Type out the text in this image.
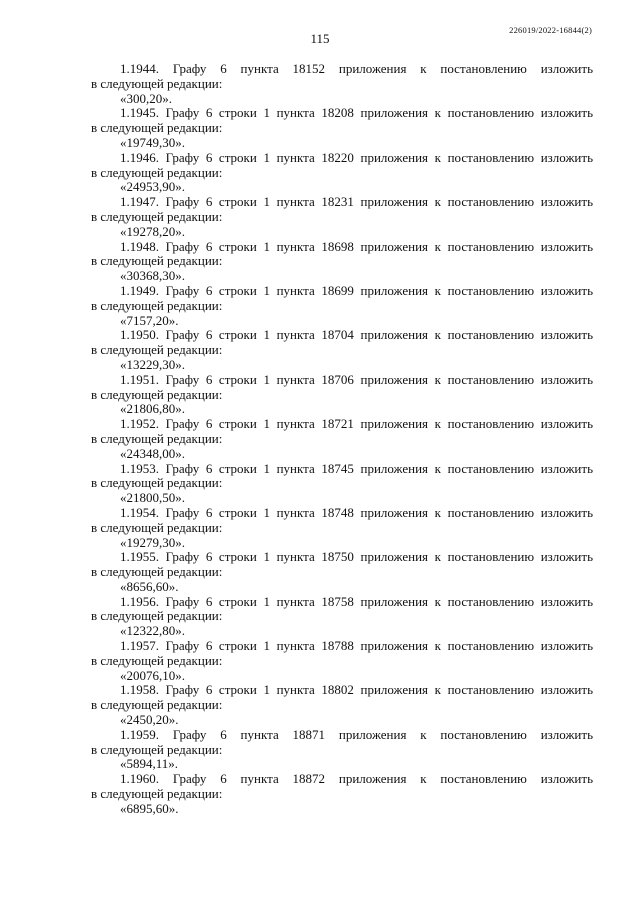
226019/2022-16844(2)
115
1.1944. Графу 6 пункта 18152 приложения к постановлению изложить
в следующей редакции:
«300,20».
1.1945. Графу 6 строки 1 пункта 18208 приложения к постановлению изложить
в следующей редакции:
«19749,30».
1.1946. Графу 6 строки 1 пункта 18220 приложения к постановлению изложить
в следующей редакции:
«24953,90».
1.1947. Графу 6 строки 1 пункта 18231 приложения к постановлению изложить
в следующей редакции:
«19278,20».
1.1948. Графу 6 строки 1 пункта 18698 приложения к постановлению изложить
в следующей редакции:
«30368,30».
1.1949. Графу 6 строки 1 пункта 18699 приложения к постановлению изложить
в следующей редакции:
«7157,20».
1.1950. Графу 6 строки 1 пункта 18704 приложения к постановлению изложить
в следующей редакции:
«13229,30».
1.1951. Графу 6 строки 1 пункта 18706 приложения к постановлению изложить
в следующей редакции:
«21806,80».
1.1952. Графу 6 строки 1 пункта 18721 приложения к постановлению изложить
в следующей редакции:
«24348,00».
1.1953. Графу 6 строки 1 пункта 18745 приложения к постановлению изложить
в следующей редакции:
«21800,50».
1.1954. Графу 6 строки 1 пункта 18748 приложения к постановлению изложить
в следующей редакции:
«19279,30».
1.1955. Графу 6 строки 1 пункта 18750 приложения к постановлению изложить
в следующей редакции:
«8656,60».
1.1956. Графу 6 строки 1 пункта 18758 приложения к постановлению изложить
в следующей редакции:
«12322,80».
1.1957. Графу 6 строки 1 пункта 18788 приложения к постановлению изложить
в следующей редакции:
«20076,10».
1.1958. Графу 6 строки 1 пункта 18802 приложения к постановлению изложить
в следующей редакции:
«2450,20».
1.1959. Графу 6 пункта 18871 приложения к постановлению изложить
в следующей редакции:
«5894,11».
1.1960. Графу 6 пункта 18872 приложения к постановлению изложить
в следующей редакции:
«6895,60».
